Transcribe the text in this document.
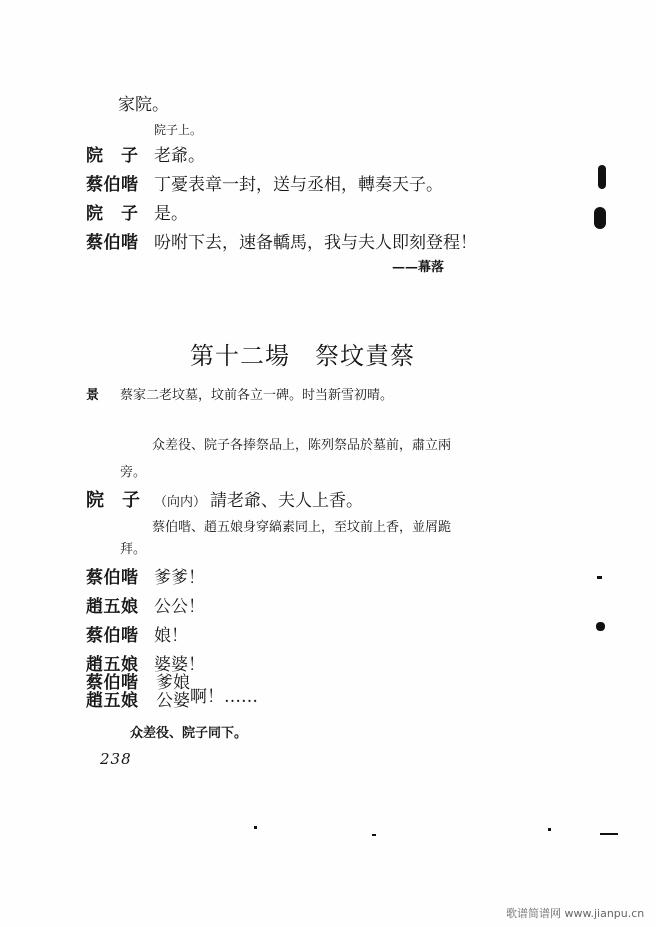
家院。
院子上。
院　子 老爺。
蔡伯喈 丁憂表章一封，送与丞相，轉奏天子。
院　子 是。
蔡伯喈 吩咐下去，速备轎馬，我与夫人即刻登程！
——幕落
第十二場　祭坟責蔡
景 蔡家二老坟墓，坟前各立一碑。时当新雪初晴。
众差役、院子各捧祭品上，陈列祭品於墓前，肅立兩
旁。
院　子 （向内） 請老爺、夫人上香。
蔡伯喈、趙五娘身穿縞素同上，至坟前上香，並屑跪
拜。
蔡伯喈 爹爹！
趙五娘 公公！
蔡伯喈 娘！
趙五娘 婆婆！
蔡伯喈
趙五娘
爹娘
公婆 啊！……
众差役、院子同下。
238
歌谱简谱网 www.jianpu.cn
